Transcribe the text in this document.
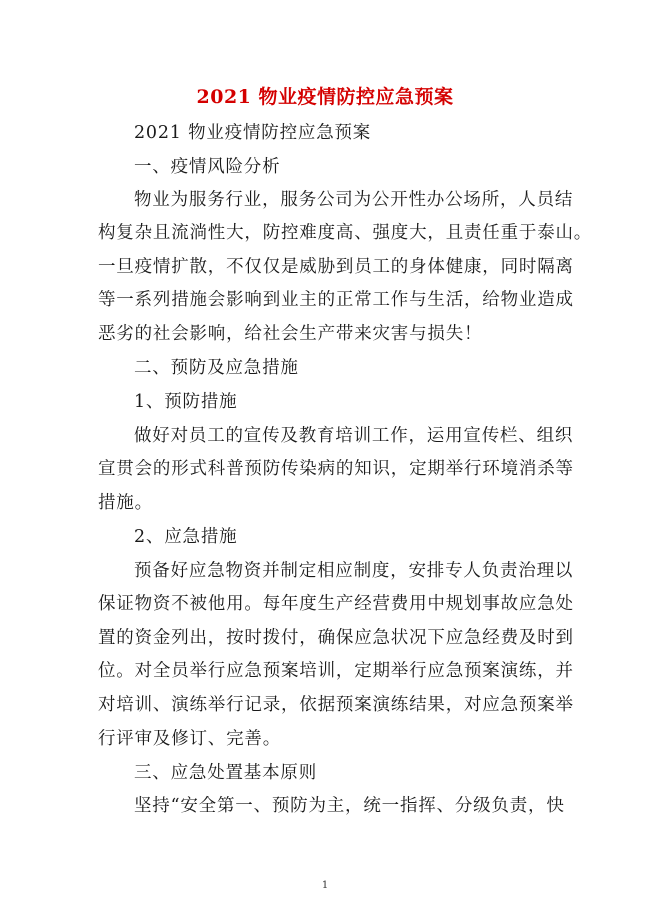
2021 物业疫情防控应急预案
2021 物业疫情防控应急预案
一、疫情风险分析
物业为服务行业，服务公司为公开性办公场所，人员结
构复杂且流淌性大，防控难度高、强度大，且责任重于泰山。
一旦疫情扩散，不仅仅是威胁到员工的身体健康，同时隔离
等一系列措施会影响到业主的正常工作与生活，给物业造成
恶劣的社会影响，给社会生产带来灾害与损失！
二、预防及应急措施
1、预防措施
做好对员工的宣传及教育培训工作，运用宣传栏、组织
宣贯会的形式科普预防传染病的知识，定期举行环境消杀等
措施。
2、应急措施
预备好应急物资并制定相应制度，安排专人负责治理以
保证物资不被他用。每年度生产经营费用中规划事故应急处
置的资金列出，按时拨付，确保应急状况下应急经费及时到
位。对全员举行应急预案培训，定期举行应急预案演练，并
对培训、演练举行记录，依据预案演练结果，对应急预案举
行评审及修订、完善。
三、应急处置基本原则
坚持“安全第一、预防为主，统一指挥、分级负责，快
1
